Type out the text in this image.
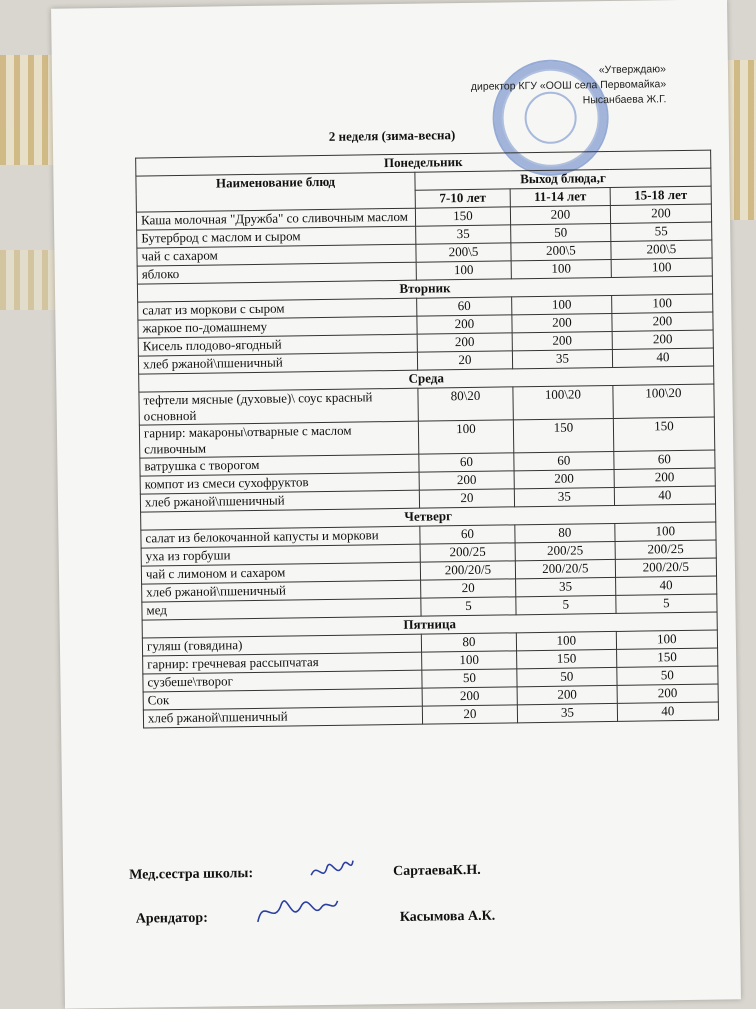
«Утверждаю»
директор КГУ «ООШ села Первомайка»
Нысанбаева Ж.Г.
2 неделя (зима-весна)
Понедельник			
Наименование блюд	Выход блюда,г		
	7-10 лет	11-14 лет	15-18 лет
Каша молочная "Дружба" со сливочным маслом	150	200	200
Бутерброд с маслом и сыром	35	50	55
чай с сахаром	200\5	200\5	200\5
яблоко	100	100	100
Вторник			
салат из моркови с сыром	60	100	100
жаркое по-домашнему	200	200	200
Кисель плодово-ягодный	200	200	200
хлеб ржаной\пшеничный	20	35	40
Среда			
тефтели мясные (духовые)\ соус красный основной	80\20	100\20	100\20
гарнир: макароны\отварные с маслом сливочным	100	150	150
ватрушка с творогом	60	60	60
компот из смеси сухофруктов	200	200	200
хлеб ржаной\пшеничный	20	35	40
Четверг			
салат из белокочанной капусты и моркови	60	80	100
уха из горбуши	200/25	200/25	200/25
чай с лимоном и сахаром	200/20/5	200/20/5	200/20/5
хлеб ржаной\пшеничный	20	35	40
мед	5	5	5
Пятница			
гуляш (говядина)	80	100	100
гарнир: гречневая рассыпчатая	100	150	150
сузбеше\творог	50	50	50
Сок	200	200	200
хлеб ржаной\пшеничный	20	35	40
Мед.сестра школы:	СартаеваК.Н.
Арендатор:	Касымова А.К.
